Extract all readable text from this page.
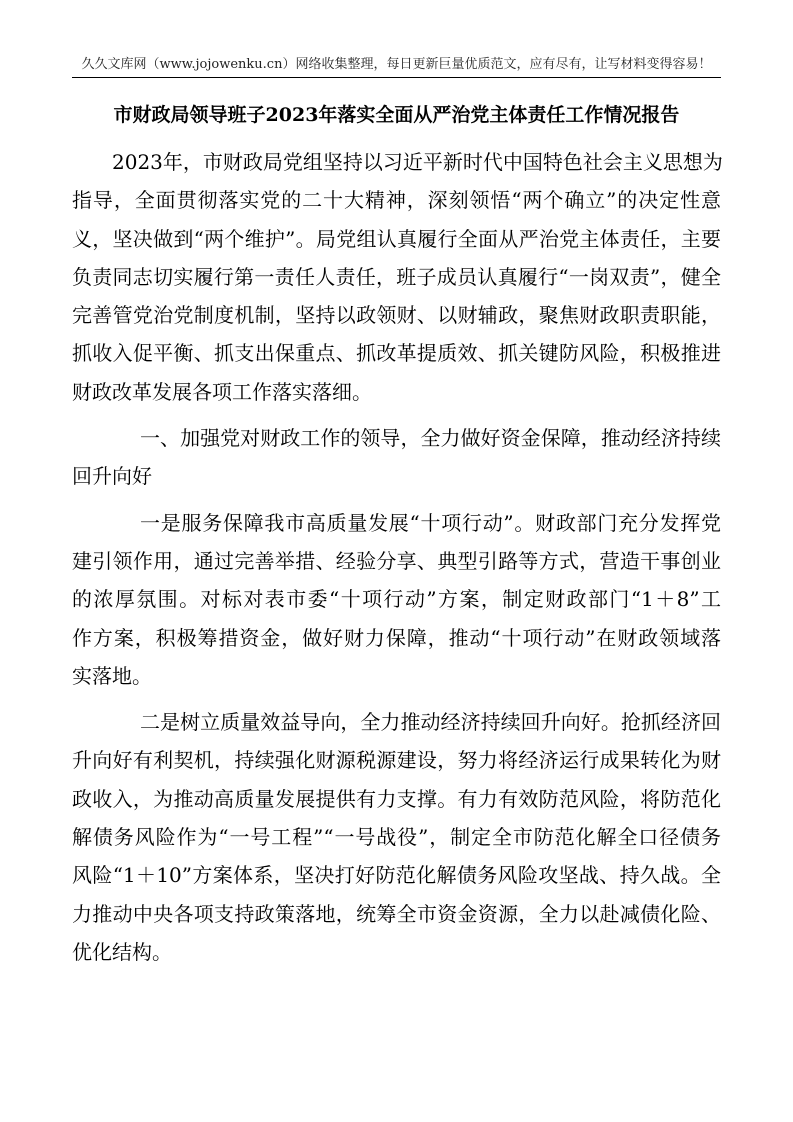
久久文库网（www.jojowenku.cn）网络收集整理，每日更新巨量优质范文，应有尽有，让写材料变得容易！
市财政局领导班子2023年落实全面从严治党主体责任工作情况报告

2023年，市财政局党组坚持以习近平新时代中国特色社会主义思想为
指导，全面贯彻落实党的二十大精神，深刻领悟“两个确立”的决定性意
义，坚决做到“两个维护”。局党组认真履行全面从严治党主体责任，主要
负责同志切实履行第一责任人责任，班子成员认真履行“一岗双责”，健全
完善管党治党制度机制，坚持以政领财、以财辅政，聚焦财政职责职能，
抓收入促平衡、抓支出保重点、抓改革提质效、抓关键防风险，积极推进
财政改革发展各项工作落实落细。

一、加强党对财政工作的领导，全力做好资金保障，推动经济持续
回升向好

一是服务保障我市高质量发展“十项行动”。财政部门充分发挥党
建引领作用，通过完善举措、经验分享、典型引路等方式，营造干事创业
的浓厚氛围。对标对表市委“十项行动”方案，制定财政部门“1＋8”工
作方案，积极筹措资金，做好财力保障，推动“十项行动”在财政领域落
实落地。

二是树立质量效益导向，全力推动经济持续回升向好。抢抓经济回
升向好有利契机，持续强化财源税源建设，努力将经济运行成果转化为财
政收入，为推动高质量发展提供有力支撑。有力有效防范风险，将防范化
解债务风险作为“一号工程”“一号战役”，制定全市防范化解全口径债务
风险“1＋10”方案体系，坚决打好防范化解债务风险攻坚战、持久战。全
力推动中央各项支持政策落地，统筹全市资金资源，全力以赴减债化险、
优化结构。
